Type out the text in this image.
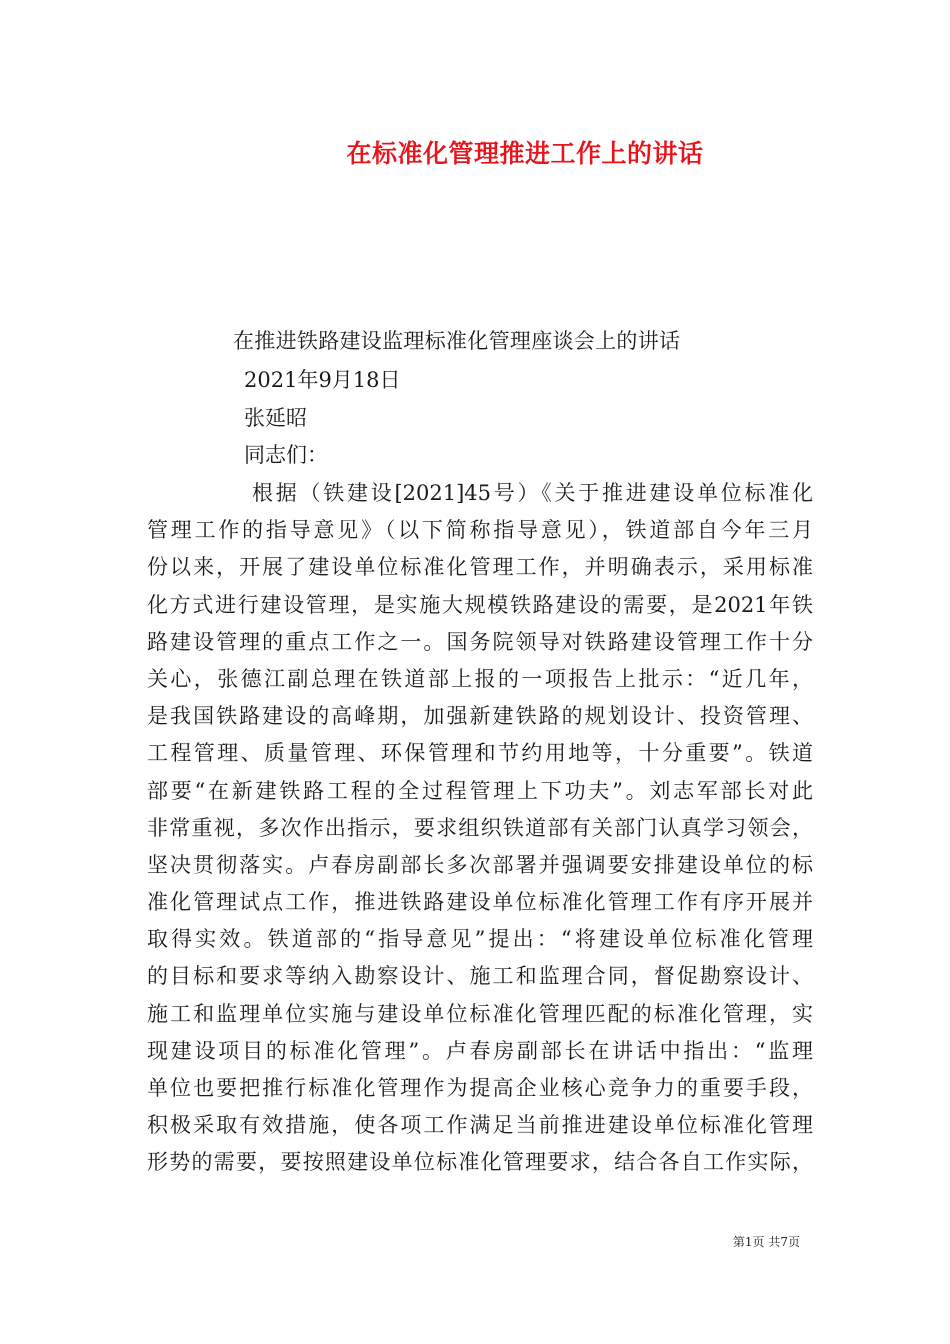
在标准化管理推进工作上的讲话
在推进铁路建设监理标准化管理座谈会上的讲话
2021年9月18日
张延昭
同志们：
根据（铁建设[2021]45号）《关于推进建设单位标准化
管理工作的指导意见》（以下简称指导意见），铁道部自今年三月
份以来，开展了建设单位标准化管理工作，并明确表示，采用标准
化方式进行建设管理，是实施大规模铁路建设的需要，是2021年铁
路建设管理的重点工作之一。国务院领导对铁路建设管理工作十分
关心，张德江副总理在铁道部上报的一项报告上批示：“近几年，
是我国铁路建设的高峰期，加强新建铁路的规划设计、投资管理、
工程管理、质量管理、环保管理和节约用地等，十分重要”。铁道
部要“在新建铁路工程的全过程管理上下功夫”。刘志军部长对此
非常重视，多次作出指示，要求组织铁道部有关部门认真学习领会，
坚决贯彻落实。卢春房副部长多次部署并强调要安排建设单位的标
准化管理试点工作，推进铁路建设单位标准化管理工作有序开展并
取得实效。铁道部的“指导意见”提出：“将建设单位标准化管理
的目标和要求等纳入勘察设计、施工和监理合同，督促勘察设计、
施工和监理单位实施与建设单位标准化管理匹配的标准化管理，实
现建设项目的标准化管理”。卢春房副部长在讲话中指出：“监理
单位也要把推行标准化管理作为提高企业核心竞争力的重要手段，
积极采取有效措施，使各项工作满足当前推进建设单位标准化管理
形势的需要，要按照建设单位标准化管理要求，结合各自工作实际，
第1页 共7页
